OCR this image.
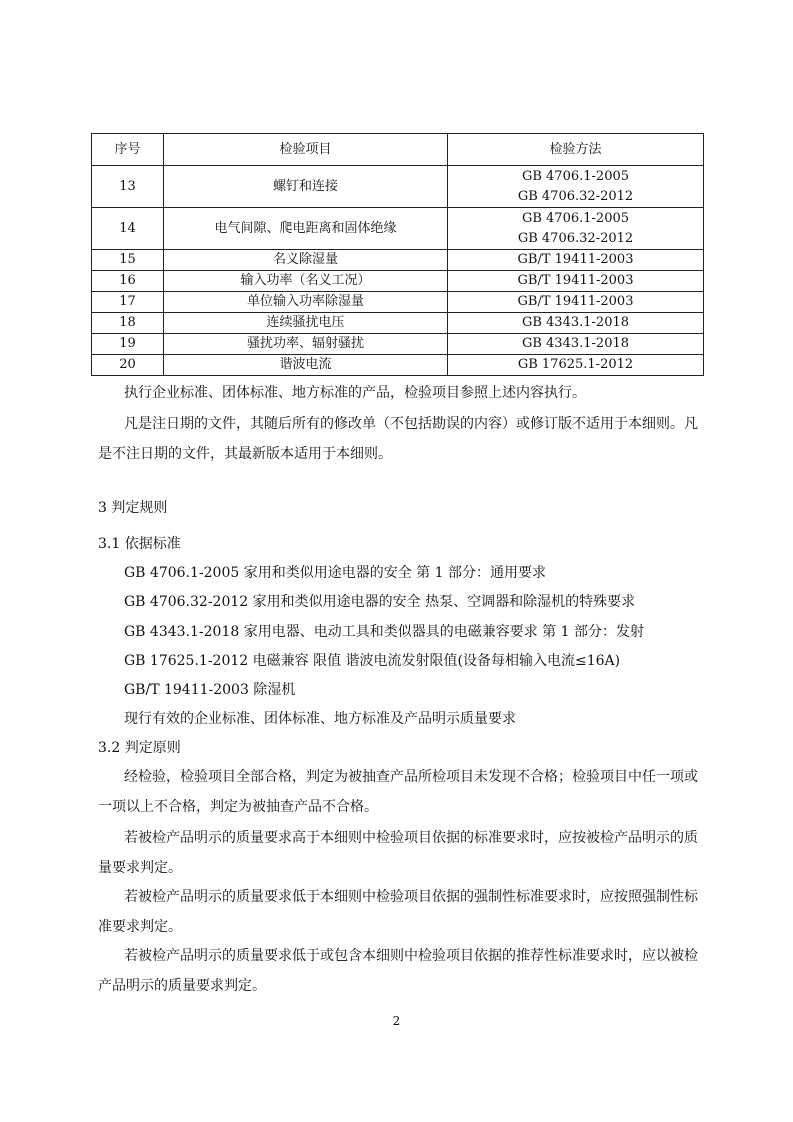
序号	检验项目	检验方法
13	螺钉和连接	GB 4706.1-2005
GB 4706.32-2012

14	电气间隙、爬电距离和固体绝缘	GB 4706.1-2005
GB 4706.32-2012

15	名义除湿量	GB/T 19411-2003
16	输入功率（名义工况）	GB/T 19411-2003
17	单位输入功率除湿量	GB/T 19411-2003
18	连续骚扰电压	GB 4343.1-2018
19	骚扰功率、辐射骚扰	GB 4343.1-2018
20	谐波电流	GB 17625.1-2012
执行企业标准、团体标准、地方标准的产品，检验项目参照上述内容执行。
凡是注日期的文件，其随后所有的修改单（不包括勘误的内容）或修订版不适用于本细则。凡是不注日期的文件，其最新版本适用于本细则。
3 判定规则
3.1 依据标准
GB 4706.1-2005 家用和类似用途电器的安全 第 1 部分：通用要求
GB 4706.32-2012 家用和类似用途电器的安全 热泵、空调器和除湿机的特殊要求
GB 4343.1-2018 家用电器、电动工具和类似器具的电磁兼容要求 第 1 部分：发射
GB 17625.1-2012 电磁兼容 限值 谐波电流发射限值(设备每相输入电流≤16A)
GB/T 19411-2003 除湿机
现行有效的企业标准、团体标准、地方标准及产品明示质量要求
3.2 判定原则
经检验，检验项目全部合格，判定为被抽查产品所检项目未发现不合格；检验项目中任一项或一项以上不合格，判定为被抽查产品不合格。
若被检产品明示的质量要求高于本细则中检验项目依据的标准要求时，应按被检产品明示的质量要求判定。
若被检产品明示的质量要求低于本细则中检验项目依据的强制性标准要求时，应按照强制性标准要求判定。
若被检产品明示的质量要求低于或包含本细则中检验项目依据的推荐性标准要求时，应以被检产品明示的质量要求判定。
2
